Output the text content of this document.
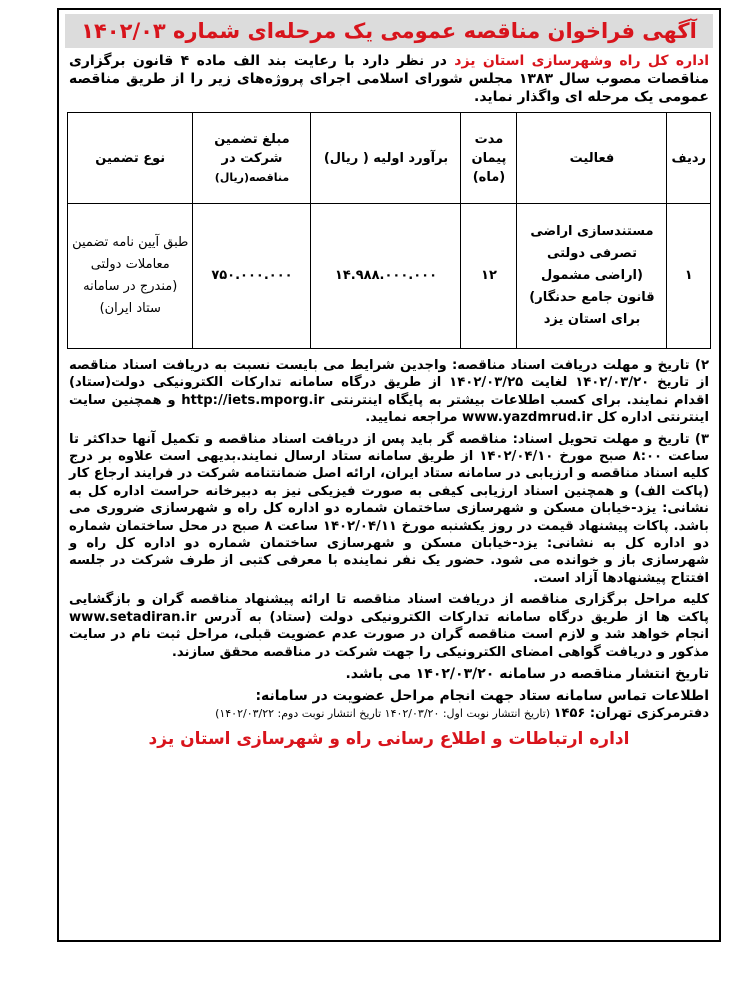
آگهی فراخوان مناقصه عمومی یک مرحله‌ای شماره ۱۴۰۲/۰۳
اداره کل راه وشهرسازی استان یزد در نظر دارد با رعایت بند الف ماده ۴ قانون برگزاری مناقصات مصوب سال ۱۳۸۳ مجلس شورای اسلامی اجرای پروژه‌های زیر را از طریق مناقصه عمومی یک مرحله ای واگذار نماید.
ردیف	فعالیت	مدت پیمان (ماه)	برآورد اولیه ( ریال)	مبلغ تضمین شرکت در
مناقصه(ریال)	نوع تضمین
۱	مستندسازی اراضی تصرفی دولتی (اراضی مشمول قانون جامع حدنگار) برای استان یزد	۱۲	۱۴.۹۸۸.۰۰۰.۰۰۰	۷۵۰.۰۰۰.۰۰۰	طبق آیین نامه تضمین معاملات دولتی (مندرج در سامانه ستاد ایران)

۲) تاریخ و مهلت دریافت اسناد مناقصه: واجدین شرایط می بایست نسبت به دریافت اسناد مناقصه از تاریخ ۱۴۰۲/۰۳/۲۰ لغایت ۱۴۰۲/۰۳/۲۵ از طریق درگاه سامانه تدارکات الکترونیکی دولت(ستاد) اقدام نمایند. برای کسب اطلاعات بیشتر به پایگاه اینترنتی http://iets.mporg.ir و همچنین سایت اینترنتی اداره کل www.yazdmrud.ir مراجعه نمایید.

۳) تاریخ و مهلت تحویل اسناد: مناقصه گر باید پس از دریافت اسناد مناقصه و تکمیل آنها حداکثر تا ساعت ۸:۰۰ صبح مورخ ۱۴۰۲/۰۴/۱۰ از طریق سامانه ستاد ارسال نمایند.بدیهی است علاوه بر درج کلیه اسناد مناقصه و ارزیابی در سامانه ستاد ایران، ارائه اصل ضمانتنامه شرکت در فرایند ارجاع کار (پاکت الف) و همچنین اسناد ارزیابی کیفی به صورت فیزیکی نیز به دبیرخانه حراست اداره کل به نشانی: یزد-خیابان مسکن و شهرسازی ساختمان شماره دو اداره کل راه و شهرسازی ضروری می باشد. پاکات پیشنهاد قیمت در روز یکشنبه مورخ ۱۴۰۲/۰۴/۱۱ ساعت ۸ صبح در محل ساختمان شماره دو اداره کل به نشانی: یزد-خیابان مسکن و شهرسازی ساختمان شماره دو اداره کل راه و شهرسازی باز و خوانده می شود. حضور یک نفر نماینده با معرفی کتبی از طرف شرکت در جلسه افتتاح پیشنهادها آزاد است.

کلیه مراحل برگزاری مناقصه از دریافت اسناد مناقصه تا ارائه پیشنهاد مناقصه گران و بازگشایی پاکت ها از طریق درگاه سامانه تدارکات الکترونیکی دولت (ستاد) به آدرس www.setadiran.ir انجام خواهد شد و لازم است مناقصه گران در صورت عدم عضویت قبلی، مراحل ثبت نام در سایت مذکور و دریافت گواهی امضای الکترونیکی را جهت شرکت در مناقصه محقق سازند.

تاریخ انتشار مناقصه در سامانه ۱۴۰۲/۰۳/۲۰ می باشد.
اطلاعات تماس سامانه ستاد جهت انجام مراحل عضویت در سامانه:
دفترمرکزی تهران: ۱۴۵۶ (تاریخ انتشار نوبت اول: ۱۴۰۲/۰۳/۲۰ تاریخ انتشار نوبت دوم: ۱۴۰۲/۰۳/۲۲)
اداره ارتباطات و اطلاع رسانی راه و شهرسازی استان یزد
